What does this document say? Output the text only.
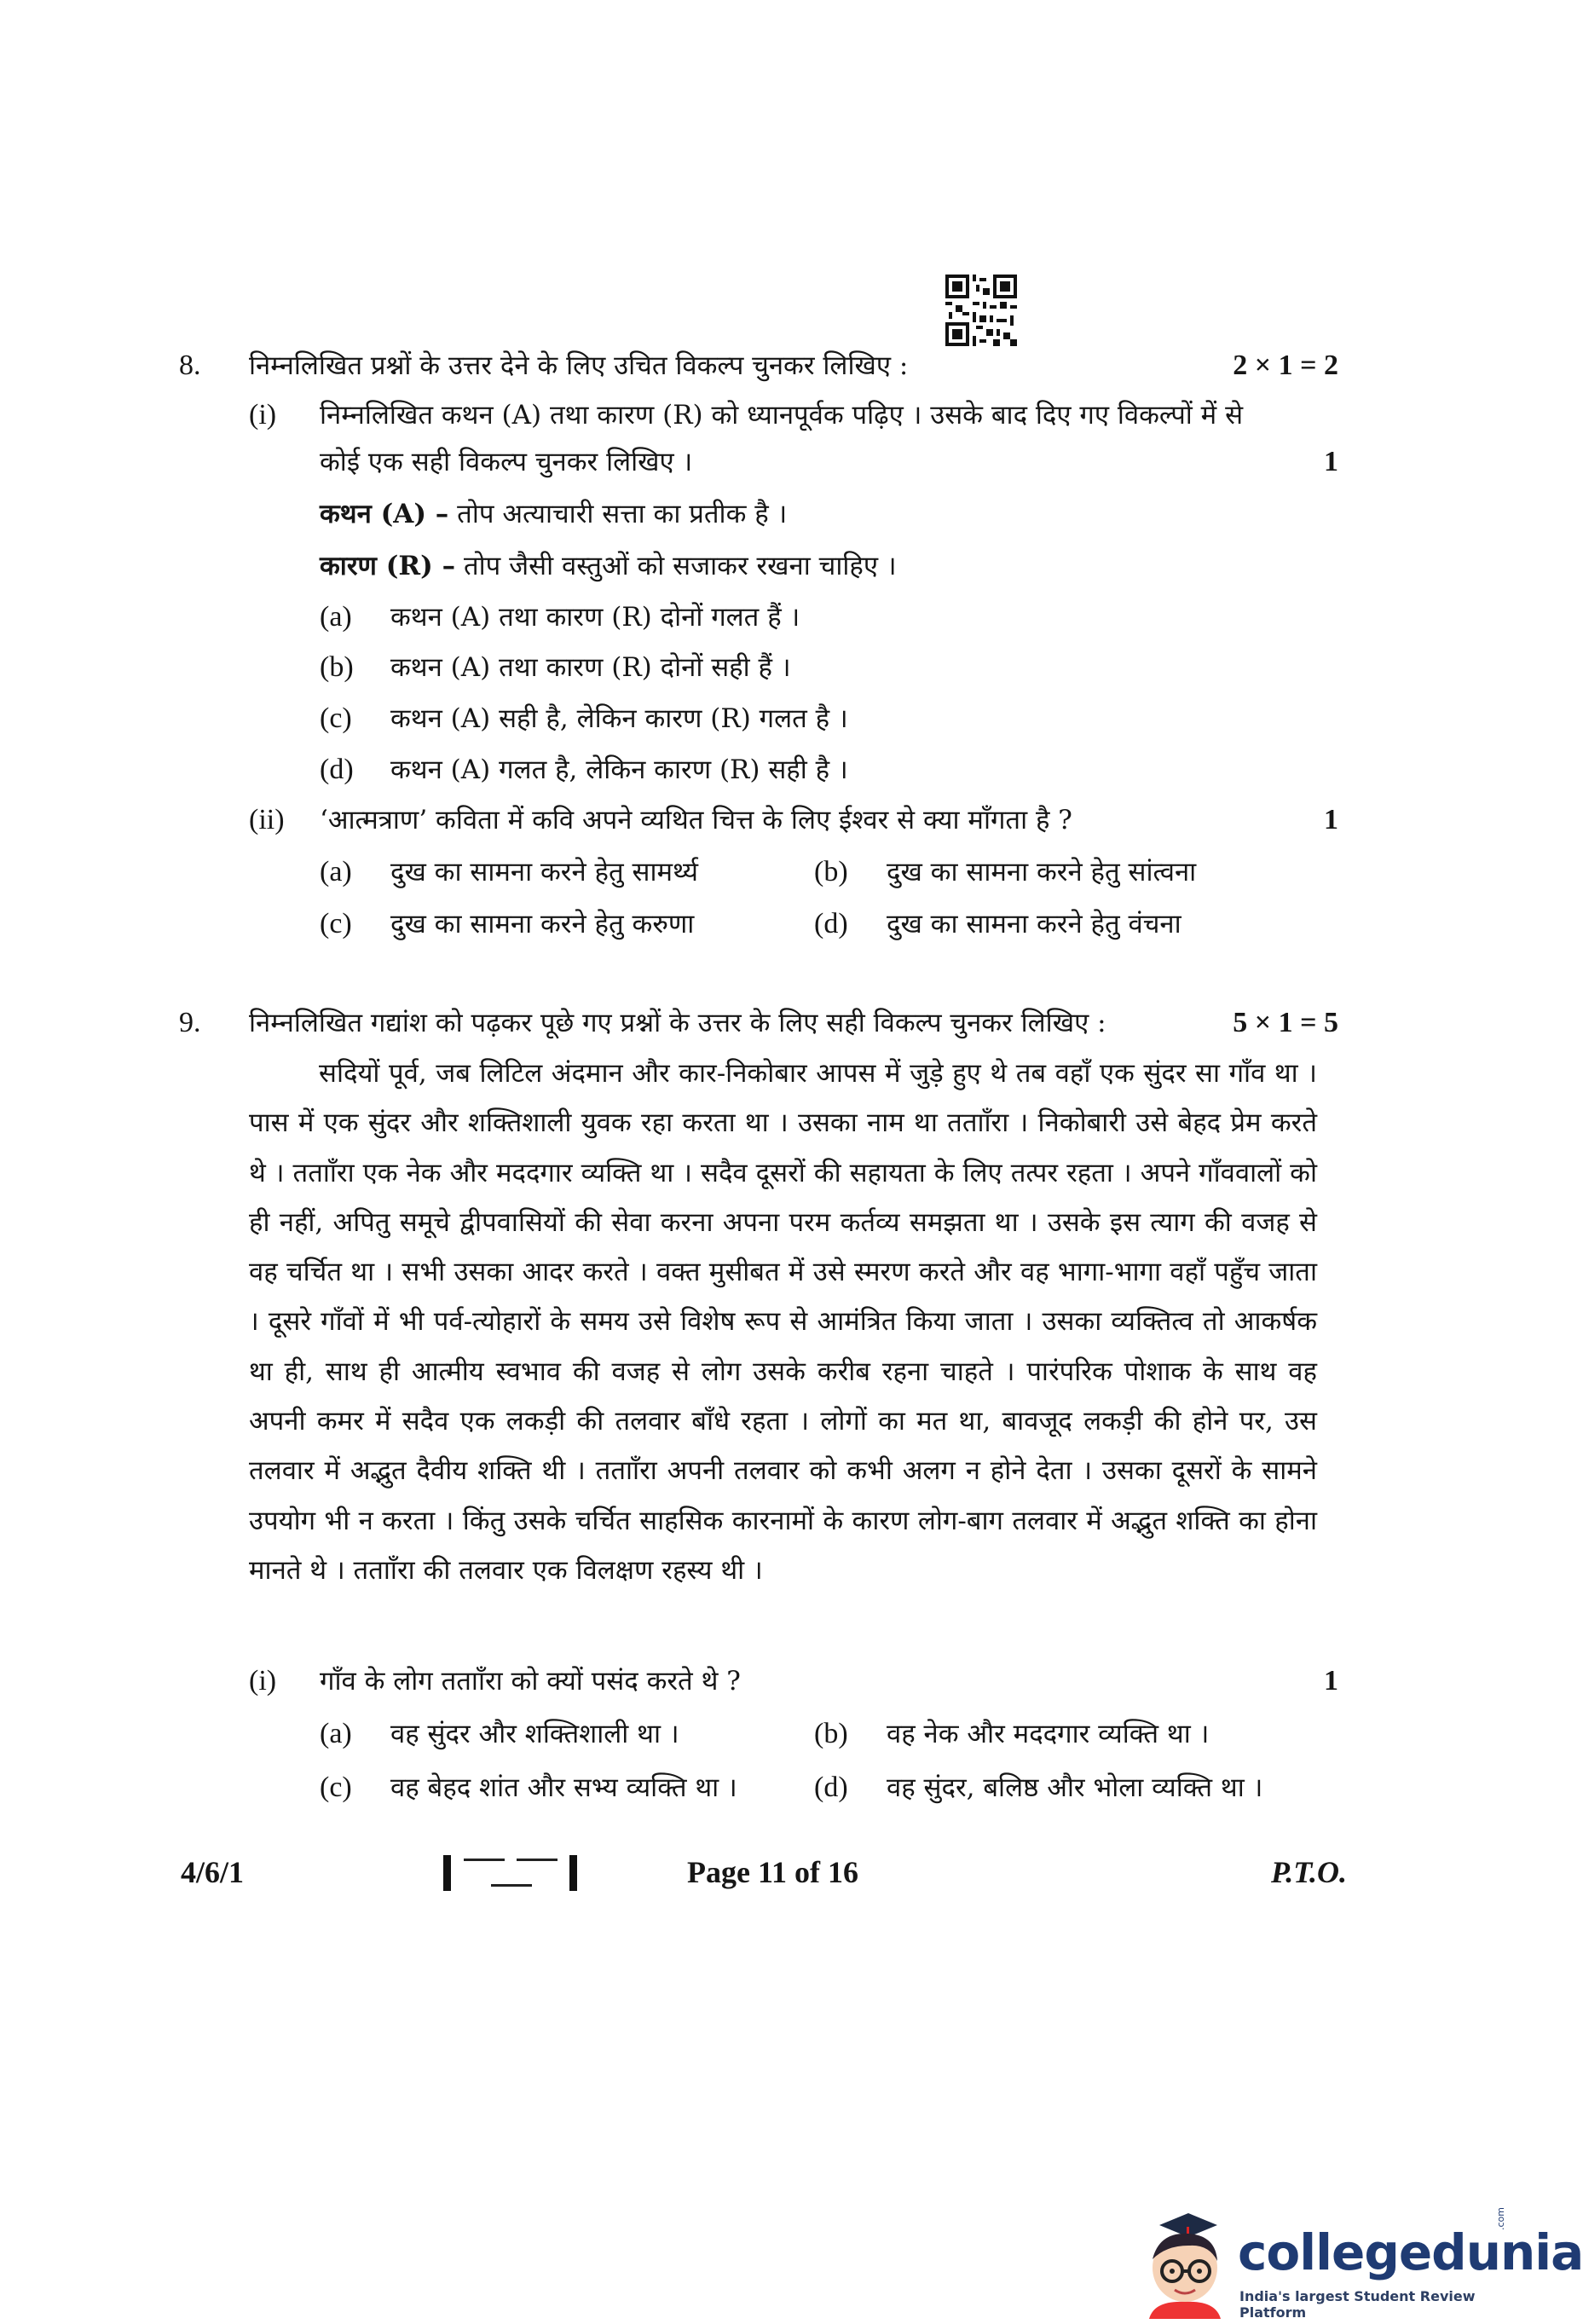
8. निम्नलिखित प्रश्नों के उत्तर देने के लिए उचित विकल्प चुनकर लिखिए :	2 × 1 = 2
(i) निम्नलिखित कथन (A) तथा कारण (R) को ध्यानपूर्वक पढ़िए । उसके बाद दिए गए विकल्पों में से
कोई एक सही विकल्प चुनकर लिखिए ।	1
कथन (A) – तोप अत्याचारी सत्ता का प्रतीक है ।
कारण (R) – तोप जैसी वस्तुओं को सजाकर रखना चाहिए ।
(a) कथन (A) तथा कारण (R) दोनों गलत हैं ।
(b) कथन (A) तथा कारण (R) दोनों सही हैं ।
(c) कथन (A) सही है, लेकिन कारण (R) गलत है ।
(d) कथन (A) गलत है, लेकिन कारण (R) सही है ।
(ii) ‘आत्मत्राण’ कविता में कवि अपने व्यथित चित्त के लिए ईश्वर से क्या माँगता है ?	1
(a) दुख का सामना करने हेतु सामर्थ्य	(b) दुख का सामना करने हेतु सांत्वना
(c) दुख का सामना करने हेतु करुणा	(d) दुख का सामना करने हेतु वंचना
9. निम्नलिखित गद्यांश को पढ़कर पूछे गए प्रश्नों के उत्तर के लिए सही विकल्प चुनकर लिखिए :	5 × 1 = 5

सदियों पूर्व, जब लिटिल अंदमान और कार-निकोबार आपस में जुड़े हुए थे तब वहाँ एक सुंदर सा गाँव था । पास में एक सुंदर और शक्तिशाली युवक रहा करता था । उसका नाम था ततााँरा । निकोबारी उसे बेहद प्रेम करते थे । ततााँरा एक नेक और मददगार व्यक्ति था । सदैव दूसरों की सहायता के लिए तत्पर रहता । अपने गाँववालों को ही नहीं, अपितु समूचे द्वीपवासियों की सेवा करना अपना परम कर्तव्य समझता था । उसके इस त्याग की वजह से वह चर्चित था । सभी उसका आदर करते । वक्त मुसीबत में उसे स्मरण करते और वह भागा-भागा वहाँ पहुँच जाता । दूसरे गाँवों में भी पर्व-त्योहारों के समय उसे विशेष रूप से आमंत्रित किया जाता । उसका व्यक्तित्व तो आकर्षक था ही, साथ ही आत्मीय स्वभाव की वजह से लोग उसके करीब रहना चाहते । पारंपरिक पोशाक के साथ वह अपनी कमर में सदैव एक लकड़ी की तलवार बाँधे रहता । लोगों का मत था, बावजूद लकड़ी की होने पर, उस तलवार में अद्भुत दैवीय शक्ति थी । ततााँरा अपनी तलवार को कभी अलग न होने देता । उसका दूसरों के सामने उपयोग भी न करता । किंतु उसके चर्चित साहसिक कारनामों के कारण लोग-बाग तलवार में अद्भुत शक्ति का होना मानते थे । ततााँरा की तलवार एक विलक्षण रहस्य थी ।

(i) गाँव के लोग ततााँरा को क्यों पसंद करते थे ?	1
(a) वह सुंदर और शक्तिशाली था ।	(b) वह नेक और मददगार व्यक्ति था ।
(c) वह बेहद शांत और सभ्य व्यक्ति था ।	(d) वह सुंदर, बलिष्ठ और भोला व्यक्ति था ।
4/6/1	Page 11 of 16	P.T.O.
collegedunia
.com
India's largest Student Review Platform
